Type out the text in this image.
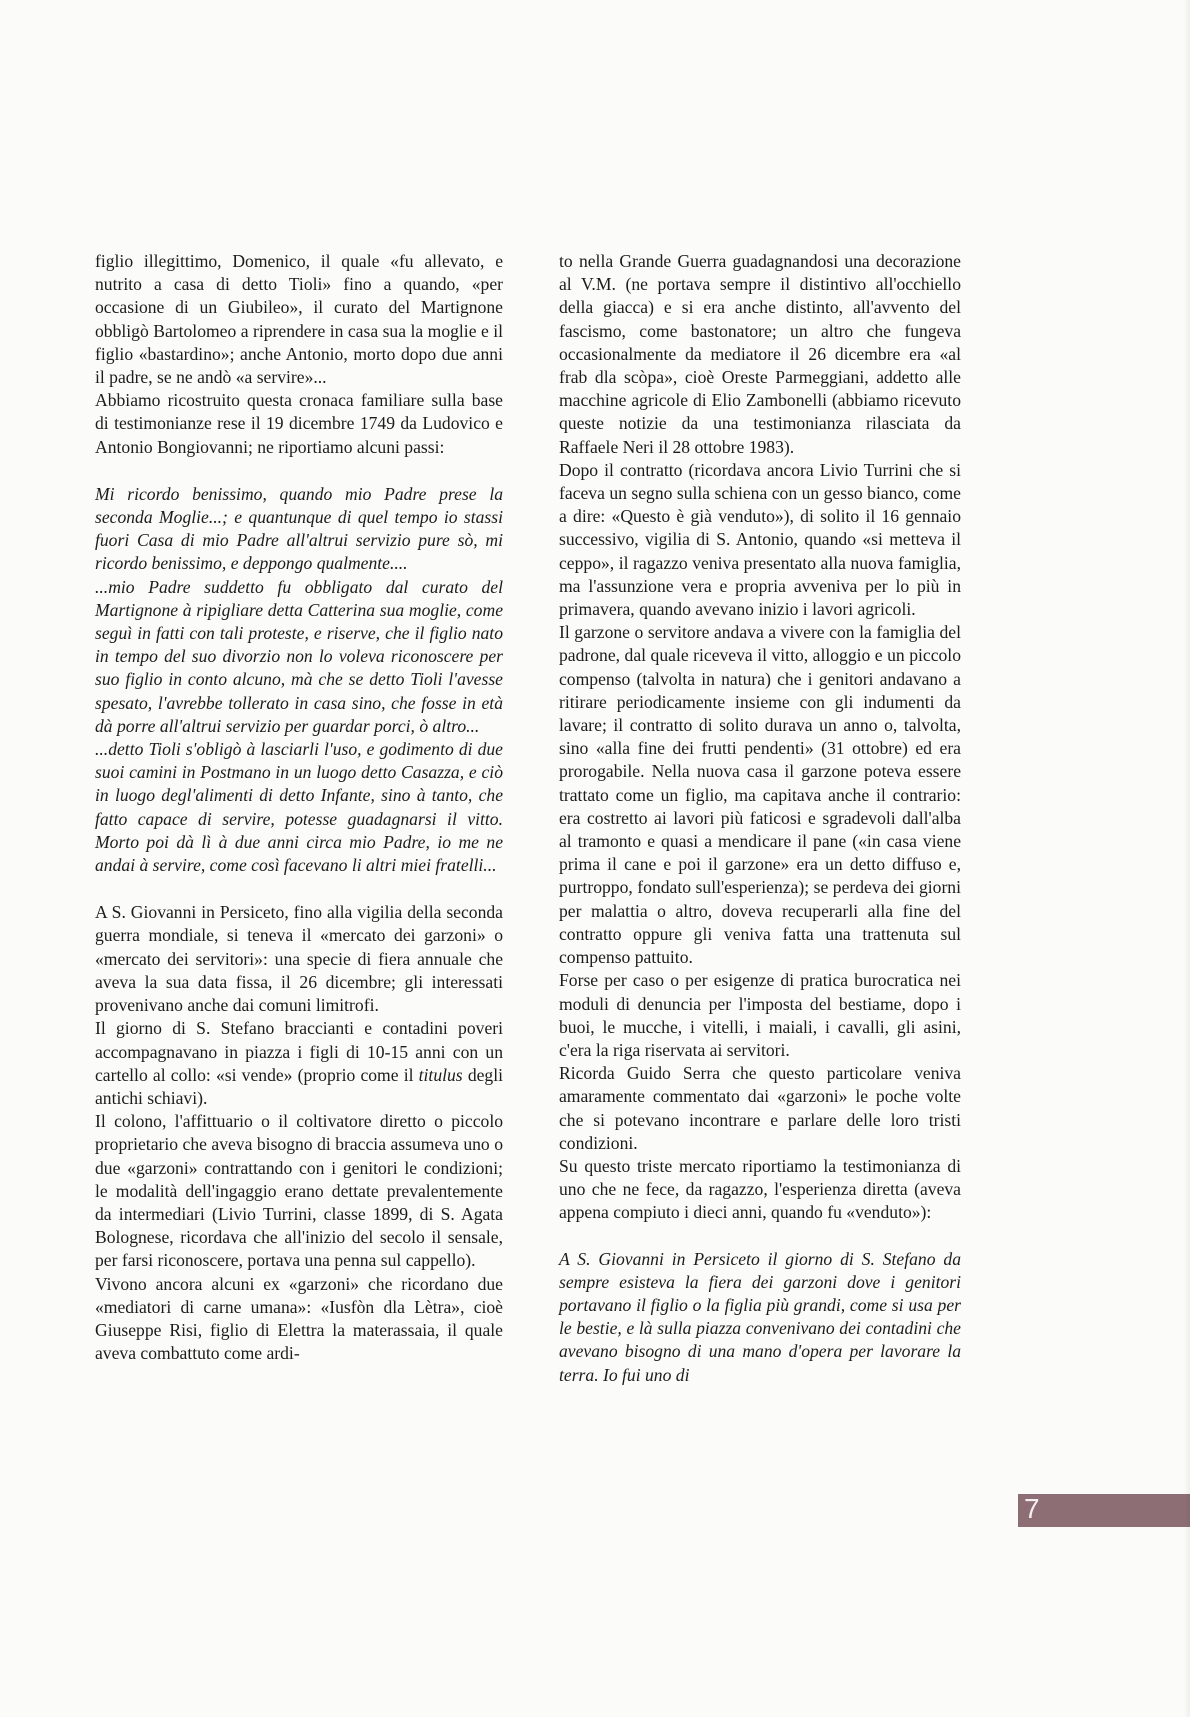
figlio illegittimo, Domenico, il quale «fu allevato, e nutrito a casa di detto Tioli» fino a quando, «per occasione di un Giubileo», il curato del Martignone obbligò Bartolomeo a riprendere in casa sua la moglie e il figlio «bastardino»; anche Antonio, morto dopo due anni il padre, se ne andò «a servire»...

Abbiamo ricostruito questa cronaca familiare sulla base di testimonianze rese il 19 dicembre 1749 da Ludovico e Antonio Bongiovanni; ne riportiamo alcuni passi:

Mi ricordo benissimo, quando mio Padre prese la seconda Moglie...; e quantunque di quel tempo io stassi fuori Casa di mio Padre all'altrui servizio pure sò, mi ricordo benissimo, e deppongo qualmente....

...mio Padre suddetto fu obbligato dal curato del Martignone à ripigliare detta Catterina sua moglie, come seguì in fatti con tali proteste, e riserve, che il figlio nato in tempo del suo divorzio non lo voleva riconoscere per suo figlio in conto alcuno, mà che se detto Tioli l'avesse spesato, l'avrebbe tollerato in casa sino, che fosse in età dà porre all'altrui servizio per guardar porci, ò altro...

...detto Tioli s'obligò à lasciarli l'uso, e godimento di due suoi camini in Postmano in un luogo detto Casazza, e ciò in luogo degl'alimenti di detto Infante, sino à tanto, che fatto capace di servire, potesse guadagnarsi il vitto. Morto poi dà lì à due anni circa mio Padre, io me ne andai à servire, come così facevano li altri miei fratelli...

A S. Giovanni in Persiceto, fino alla vigilia della seconda guerra mondiale, si teneva il «mercato dei garzoni» o «mercato dei servitori»: una specie di fiera annuale che aveva la sua data fissa, il 26 dicembre; gli interessati provenivano anche dai comuni limitrofi.

Il giorno di S. Stefano braccianti e contadini poveri accompagnavano in piazza i figli di 10-15 anni con un cartello al collo: «si vende» (proprio come il titulus degli antichi schiavi).

Il colono, l'affittuario o il coltivatore diretto o piccolo proprietario che aveva bisogno di braccia assumeva uno o due «garzoni» contrattando con i genitori le condizioni; le modalità dell'ingaggio erano dettate prevalentemente da intermediari (Livio Turrini, classe 1899, di S. Agata Bolognese, ricordava che all'inizio del secolo il sensale, per farsi riconoscere, portava una penna sul cappello).

Vivono ancora alcuni ex «garzoni» che ricordano due «mediatori di carne umana»: «Iusfòn dla Lètra», cioè Giuseppe Risi, figlio di Elettra la materassaia, il quale aveva combattuto come ardi-

to nella Grande Guerra guadagnandosi una decorazione al V.M. (ne portava sempre il distintivo all'occhiello della giacca) e si era anche distinto, all'avvento del fascismo, come bastonatore; un altro che fungeva occasionalmente da mediatore il 26 dicembre era «al frab dla scòpa», cioè Oreste Parmeggiani, addetto alle macchine agricole di Elio Zambonelli (abbiamo ricevuto queste notizie da una testimonianza rilasciata da Raffaele Neri il 28 ottobre 1983).

Dopo il contratto (ricordava ancora Livio Turrini che si faceva un segno sulla schiena con un gesso bianco, come a dire: «Questo è già venduto»), di solito il 16 gennaio successivo, vigilia di S. Antonio, quando «si metteva il ceppo», il ragazzo veniva presentato alla nuova famiglia, ma l'assunzione vera e propria avveniva per lo più in primavera, quando avevano inizio i lavori agricoli.

Il garzone o servitore andava a vivere con la famiglia del padrone, dal quale riceveva il vitto, alloggio e un piccolo compenso (talvolta in natura) che i genitori andavano a ritirare periodicamente insieme con gli indumenti da lavare; il contratto di solito durava un anno o, talvolta, sino «alla fine dei frutti pendenti» (31 ottobre) ed era prorogabile. Nella nuova casa il garzone poteva essere trattato come un figlio, ma capitava anche il contrario: era costretto ai lavori più faticosi e sgradevoli dall'alba al tramonto e quasi a mendicare il pane («in casa viene prima il cane e poi il garzone» era un detto diffuso e, purtroppo, fondato sull'esperienza); se perdeva dei giorni per malattia o altro, doveva recuperarli alla fine del contratto oppure gli veniva fatta una trattenuta sul compenso pattuito.

Forse per caso o per esigenze di pratica burocratica nei moduli di denuncia per l'imposta del bestiame, dopo i buoi, le mucche, i vitelli, i maiali, i cavalli, gli asini, c'era la riga riservata ai servitori.

Ricorda Guido Serra che questo particolare veniva amaramente commentato dai «garzoni» le poche volte che si potevano incontrare e parlare delle loro tristi condizioni.

Su questo triste mercato riportiamo la testimonianza di uno che ne fece, da ragazzo, l'esperienza diretta (aveva appena compiuto i dieci anni, quando fu «venduto»):

A S. Giovanni in Persiceto il giorno di S. Stefano da sempre esisteva la fiera dei garzoni dove i genitori portavano il figlio o la figlia più grandi, come si usa per le bestie, e là sulla piazza convenivano dei contadini che avevano bisogno di una mano d'opera per lavorare la terra. Io fui uno di

7
